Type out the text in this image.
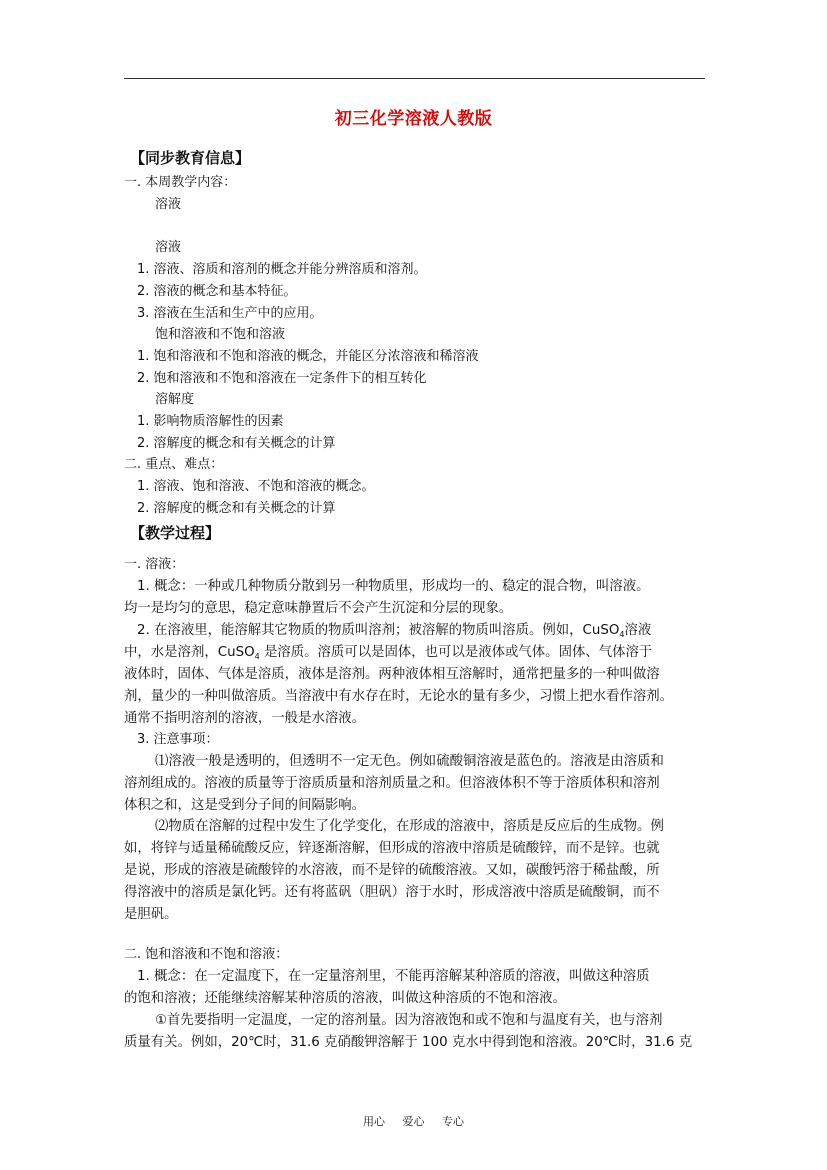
初三化学溶液人教版
【同步教育信息】
一. 本周教学内容：
溶液
溶液
1. 溶液、溶质和溶剂的概念并能分辨溶质和溶剂。
2. 溶液的概念和基本特征。
3. 溶液在生活和生产中的应用。
饱和溶液和不饱和溶液
1. 饱和溶液和不饱和溶液的概念，并能区分浓溶液和稀溶液
2. 饱和溶液和不饱和溶液在一定条件下的相互转化
溶解度
1. 影响物质溶解性的因素
2. 溶解度的概念和有关概念的计算
二. 重点、难点：
1. 溶液、饱和溶液、不饱和溶液的概念。
2. 溶解度的概念和有关概念的计算
【教学过程】
一. 溶液：
1. 概念：一种或几种物质分散到另一种物质里，形成均一的、稳定的混合物，叫溶液。
均一是均匀的意思，稳定意味静置后不会产生沉淀和分层的现象。
2. 在溶液里，能溶解其它物质的物质叫溶剂；被溶解的物质叫溶质。例如，CuSO$_4$溶液
中，水是溶剂，CuSO$_4$ 是溶质。溶质可以是固体，也可以是液体或气体。固体、气体溶于
液体时，固体、气体是溶质，液体是溶剂。两种液体相互溶解时，通常把量多的一种叫做溶
剂，量少的一种叫做溶质。当溶液中有水存在时，无论水的量有多少，习惯上把水看作溶剂。
通常不指明溶剂的溶液，一般是水溶液。
3. 注意事项：
⑴溶液一般是透明的，但透明不一定无色。例如硫酸铜溶液是蓝色的。溶液是由溶质和
溶剂组成的。溶液的质量等于溶质质量和溶剂质量之和。但溶液体积不等于溶质体积和溶剂
体积之和，这是受到分子间的间隔影响。
⑵物质在溶解的过程中发生了化学变化，在形成的溶液中，溶质是反应后的生成物。例
如，将锌与适量稀硫酸反应，锌逐渐溶解，但形成的溶液中溶质是硫酸锌，而不是锌。也就
是说，形成的溶液是硫酸锌的水溶液，而不是锌的硫酸溶液。又如，碳酸钙溶于稀盐酸，所
得溶液中的溶质是氯化钙。还有将蓝矾（胆矾）溶于水时，形成溶液中溶质是硫酸铜，而不
是胆矾。
二. 饱和溶液和不饱和溶液：
1. 概念：在一定温度下，在一定量溶剂里，不能再溶解某种溶质的溶液，叫做这种溶质
的饱和溶液；还能继续溶解某种溶质的溶液，叫做这种溶质的不饱和溶液。
①首先要指明一定温度，一定的溶剂量。因为溶液饱和或不饱和与温度有关，也与溶剂
质量有关。例如，20℃时，31.6 克硝酸钾溶解于 100 克水中得到饱和溶液。20℃时，31.6 克
用心 爱心 专心
